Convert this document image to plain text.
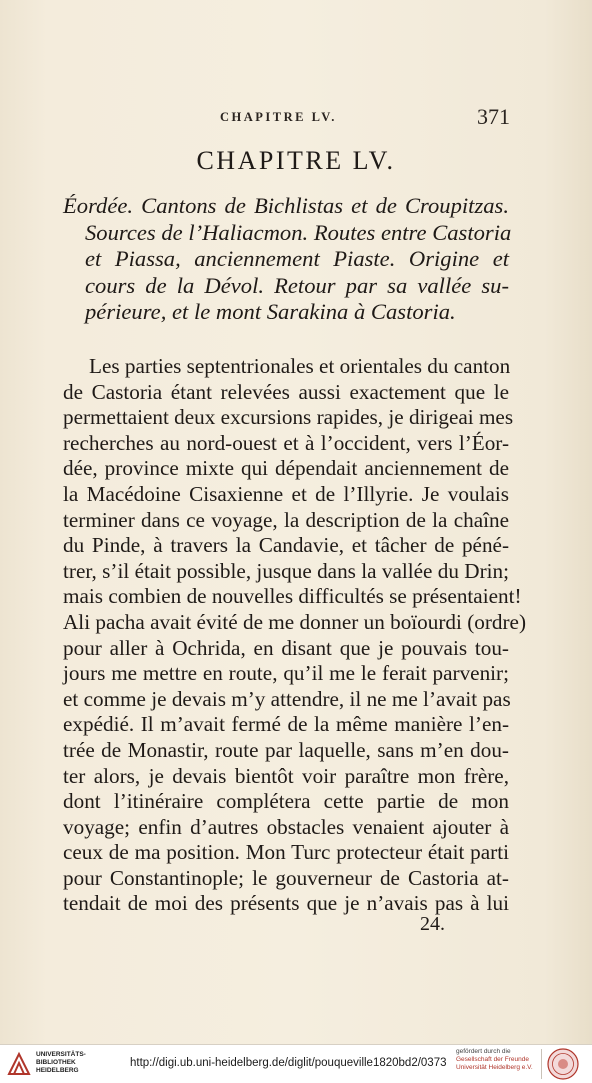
CHAPITRE LV.	371
CHAPITRE LV.
Éordée. Cantons de Bichlistas et de Croupitzas.
Sources de l’Haliacmon. Routes entre Castoria
et Piassa, anciennement Piaste. Origine et
cours de la Dévol. Retour par sa vallée su-
périeure, et le mont Sarakina à Castoria.
Les parties septentrionales et orientales du canton
de Castoria étant relevées aussi exactement que le
permettaient deux excursions rapides, je dirigeai mes
recherches au nord-ouest et à l’occident, vers l’Éor-
dée, province mixte qui dépendait anciennement de
la Macédoine Cisaxienne et de l’Illyrie. Je voulais
terminer dans ce voyage, la description de la chaîne
du Pinde, à travers la Candavie, et tâcher de péné-
trer, s’il était possible, jusque dans la vallée du Drin;
mais combien de nouvelles difficultés se présentaient!
Ali pacha avait évité de me donner un boïourdi (ordre)
pour aller à Ochrida, en disant que je pouvais tou-
jours me mettre en route, qu’il me le ferait parvenir;
et comme je devais m’y attendre, il ne me l’avait pas
expédié. Il m’avait fermé de la même manière l’en-
trée de Monastir, route par laquelle, sans m’en dou-
ter alors, je devais bientôt voir paraître mon frère,
dont l’itinéraire complétera cette partie de mon
voyage; enfin d’autres obstacles venaient ajouter à
ceux de ma position. Mon Turc protecteur était parti
pour Constantinople; le gouverneur de Castoria at-
tendait de moi des présents que je n’avais pas à lui
24.
UNIVERSITÄTS-
BIBLIOTHEK
HEIDELBERG
http://digi.ub.uni-heidelberg.de/diglit/pouqueville1820bd2/0373
gefördert durch die
Gesellschaft der Freunde
Universität Heidelberg e.V.
